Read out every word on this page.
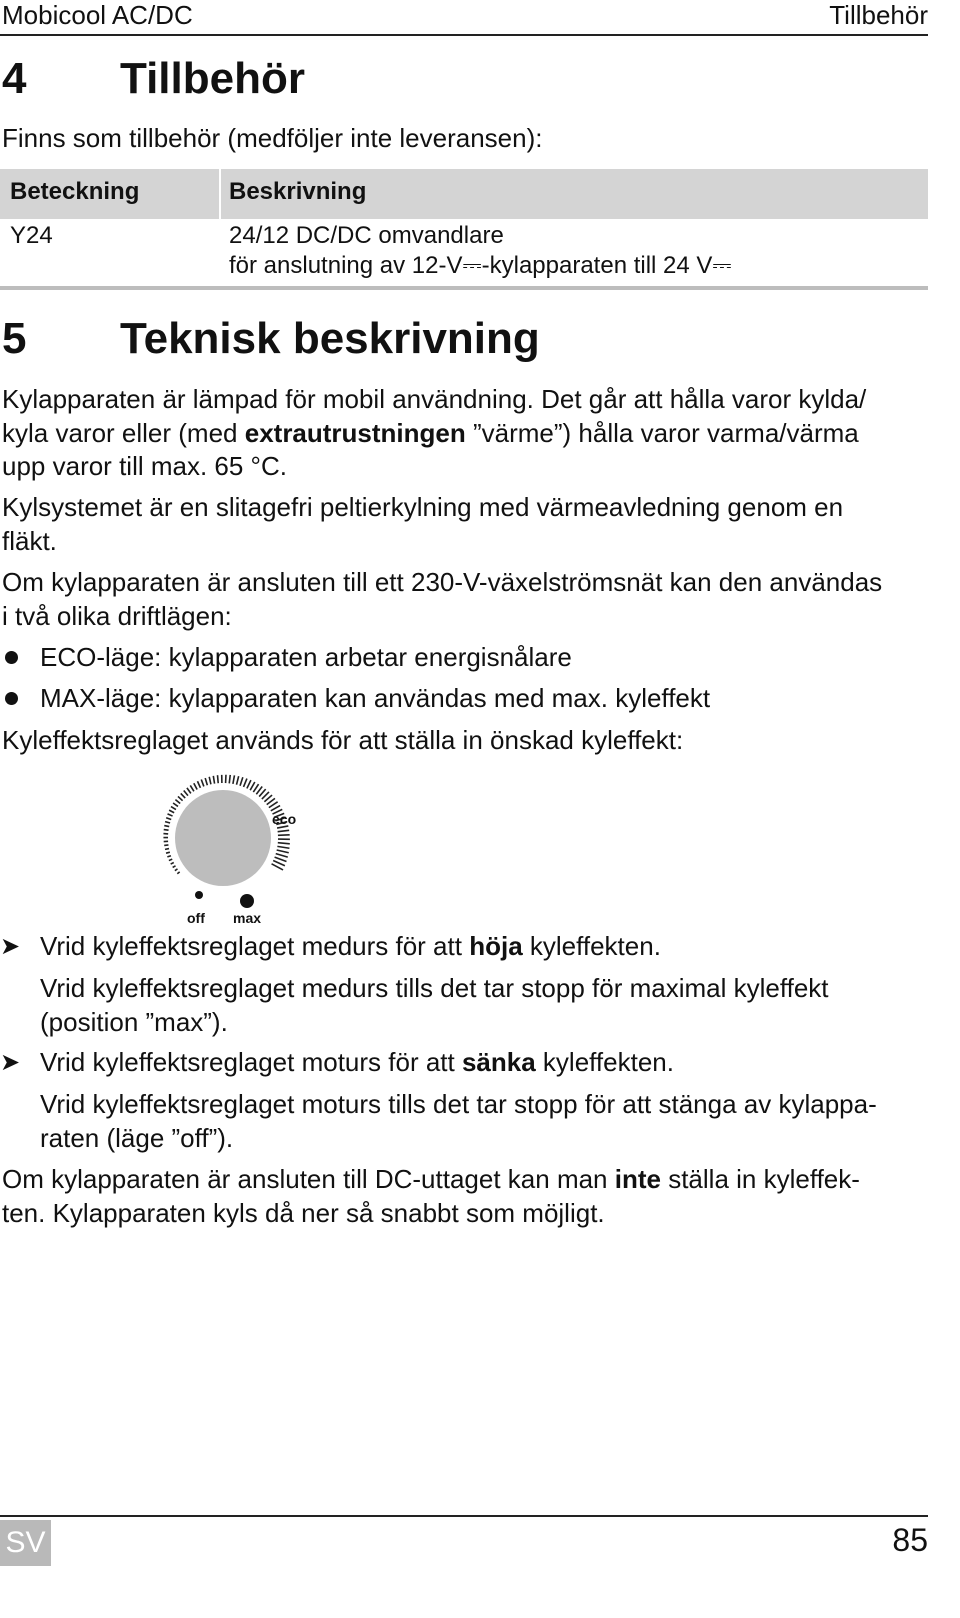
Mobicool AC/DC	Tillbehör
4 Tillbehör

Finns som tillbehör (medföljer inte leveransen):

Beteckning	Beskrivning
Y24	24/12 DC/DC omvandlare
för anslutning av 12-V⎓-kylapparaten till 24 V⎓
5 Teknisk beskrivning
Kylapparaten är lämpad för mobil användning. Det går att hålla varor kylda/
kyla varor eller (med extrautrustningen ”värme”) hålla varor varma/värma
upp varor till max. 65 °C.
Kylsystemet är en slitagefri peltierkylning med värmeavledning genom en
fläkt.
Om kylapparaten är ansluten till ett 230-V-växelströmsnät kan den användas
i två olika driftlägen:
ECO-läge: kylapparaten arbetar energisnålare
MAX-läge: kylapparaten kan användas med max. kyleffekt
Kyleffektsreglaget används för att ställa in önskad kyleffekt:
eco
off max
➤ Vrid kyleffektsreglaget medurs för att höja kyleffekten.
Vrid kyleffektsreglaget medurs tills det tar stopp för maximal kyleffekt
(position ”max”).
➤ Vrid kyleffektsreglaget moturs för att sänka kyleffekten.
Vrid kyleffektsreglaget moturs tills det tar stopp för att stänga av kylappa-
raten (läge ”off”).
Om kylapparaten är ansluten till DC-uttaget kan man inte ställa in kyleffek-
ten. Kylapparaten kyls då ner så snabbt som möjligt.
SV	85
